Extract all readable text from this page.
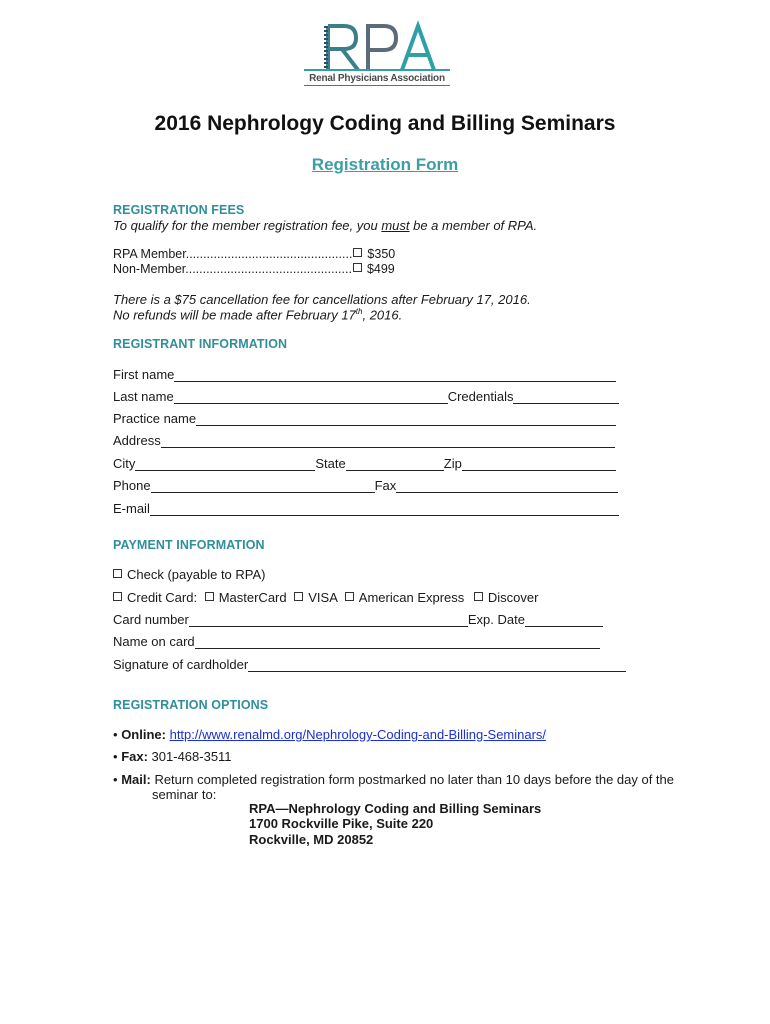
Renal Physicians Association
2016 Nephrology Coding and Billing Seminars
Registration Form
REGISTRATION FEES
To qualify for the member registration fee, you must be a member of RPA.
RPA Member................................................ $350
Non-Member................................................ $499
There is a $75 cancellation fee for cancellations after February 17, 2016.
No refunds will be made after February 17th, 2016.
REGISTRANT INFORMATION
First name
Last name	Credentials
Practice name
Address
City	State	Zip
Phone	Fax
E-mail
PAYMENT INFORMATION
Check (payable to RPA)
Credit Card: MasterCard VISA American Express Discover
Card number	Exp. Date
Name on card
Signature of cardholder
REGISTRATION OPTIONS
• Online: http://www.renalmd.org/Nephrology-Coding-and-Billing-Seminars/
• Fax: 301-468-3511
• Mail: Return completed registration form postmarked no later than 10 days before the day of the
seminar to:
RPA—Nephrology Coding and Billing Seminars
1700 Rockville Pike, Suite 220
Rockville, MD 20852
